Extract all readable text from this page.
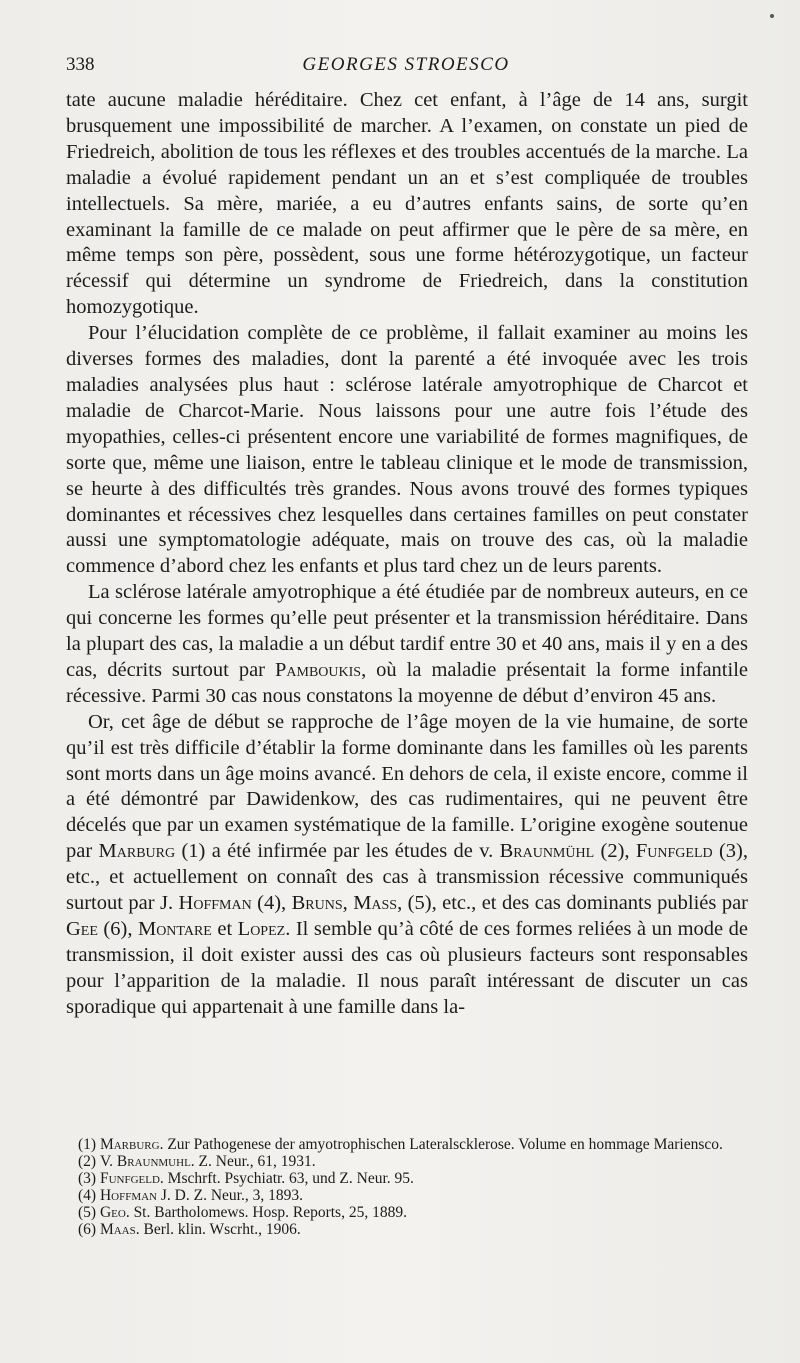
338	GEORGES STROESCO

tate aucune maladie héréditaire. Chez cet enfant, à l’âge de 14 ans, surgit brusquement une impossibilité de marcher. A l’examen, on constate un pied de Friedreich, abolition de tous les réflexes et des troubles accentués de la marche. La maladie a évolué rapidement pendant un an et s’est compliquée de troubles intellectuels. Sa mère, mariée, a eu d’autres enfants sains, de sorte qu’en examinant la famille de ce malade on peut affirmer que le père de sa mère, en même temps son père, possèdent, sous une forme hétérozygotique, un facteur récessif qui détermine un syndrome de Friedreich, dans la constitution homozygotique.

Pour l’élucidation complète de ce problème, il fallait examiner au moins les diverses formes des maladies, dont la parenté a été invoquée avec les trois maladies analysées plus haut : sclérose latérale amyotrophique de Charcot et maladie de Charcot-Marie. Nous laissons pour une autre fois l’étude des myopathies, celles-ci présentent encore une variabilité de formes magnifiques, de sorte que, même une liaison, entre le tableau clinique et le mode de transmission, se heurte à des difficultés très grandes. Nous avons trouvé des formes typiques dominantes et récessives chez lesquelles dans certaines familles on peut constater aussi une symptomatologie adéquate, mais on trouve des cas, où la maladie commence d’abord chez les enfants et plus tard chez un de leurs parents.

La sclérose latérale amyotrophique a été étudiée par de nombreux auteurs, en ce qui concerne les formes qu’elle peut présenter et la transmission héréditaire. Dans la plupart des cas, la maladie a un début tardif entre 30 et 40 ans, mais il y en a des cas, décrits surtout par Pamboukis, où la maladie présentait la forme infantile récessive. Parmi 30 cas nous constatons la moyenne de début d’environ 45 ans.

Or, cet âge de début se rapproche de l’âge moyen de la vie humaine, de sorte qu’il est très difficile d’établir la forme dominante dans les familles où les parents sont morts dans un âge moins avancé. En dehors de cela, il existe encore, comme il a été démontré par Dawidenkow, des cas rudimentaires, qui ne peuvent être décelés que par un examen systématique de la famille. L’origine exogène soutenue par Marburg (1) a été infirmée par les études de v. Braunmühl (2), Funfgeld (3), etc., et actuellement on connaît des cas à transmission récessive communiqués surtout par J. Hoffman (4), Bruns, Mass, (5), etc., et des cas dominants publiés par Gee (6), Montare et Lopez. Il semble qu’à côté de ces formes reliées à un mode de transmission, il doit exister aussi des cas où plusieurs facteurs sont responsables pour l’apparition de la maladie. Il nous paraît intéressant de discuter un cas sporadique qui appartenait à une famille dans la-

(1) Marburg. Zur Pathogenese der amyotrophischen Lateralscklerose. Volume en hommage Mariensco.

(2) V. Braunmuhl. Z. Neur., 61, 1931.

(3) Funfgeld. Mschrft. Psychiatr. 63, und Z. Neur. 95.

(4) Hoffman J. D. Z. Neur., 3, 1893.

(5) Geo. St. Bartholomews. Hosp. Reports, 25, 1889.

(6) Maas. Berl. klin. Wscrht., 1906.
